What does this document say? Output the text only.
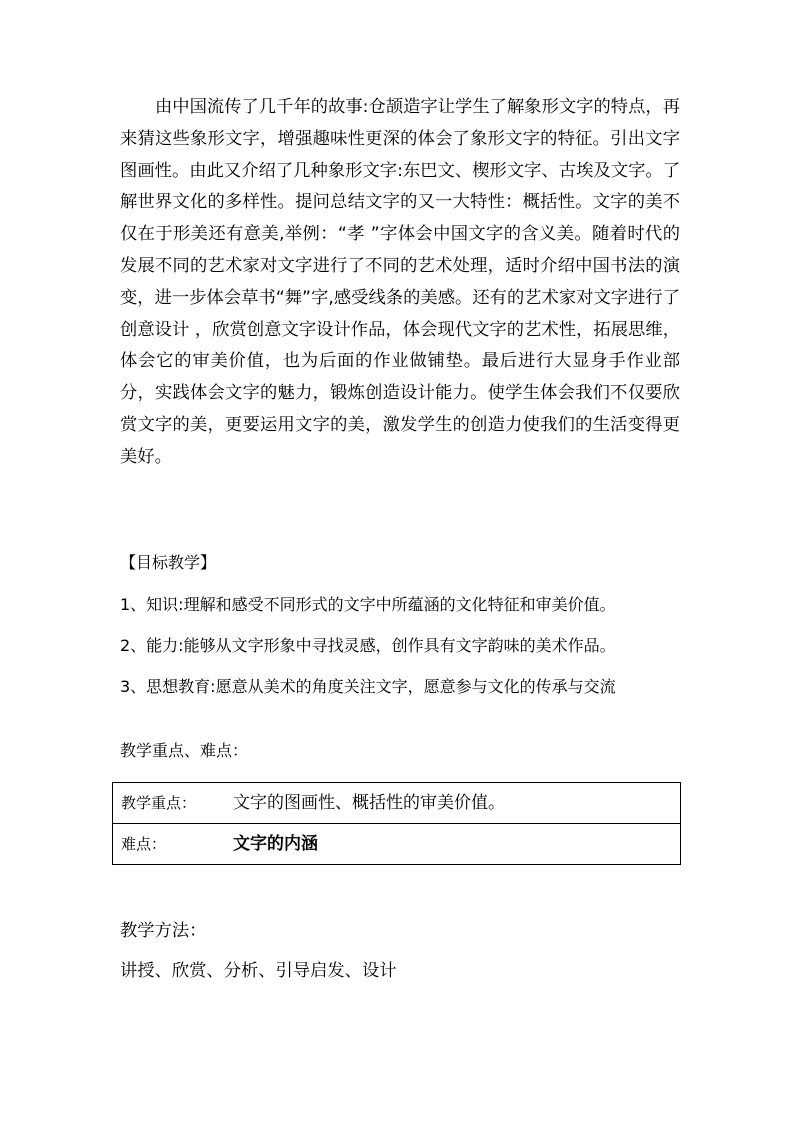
由中国流传了几千年的故事:仓颉造字让学生了解象形文字的特点，再来猜这些象形文字，增强趣味性更深的体会了象形文字的特征。引出文字图画性。由此又介绍了几种象形文字:东巴文、楔形文字、古埃及文字。了解世界文化的多样性。提问总结文字的又一大特性：概括性。文字的美不仅在于形美还有意美,举例：“孝 ”字体会中国文字的含义美。随着时代的发展不同的艺术家对文字进行了不同的艺术处理，适时介绍中国书法的演变，进一步体会草书“舞”字,感受线条的美感。还有的艺术家对文字进行了创意设计 ，欣赏创意文字设计作品，体会现代文字的艺术性，拓展思维，体会它的审美价值，也为后面的作业做铺垫。最后进行大显身手作业部分，实践体会文字的魅力，锻炼创造设计能力。使学生体会我们不仅要欣赏文字的美，更要运用文字的美，激发学生的创造力使我们的生活变得更美好。

【目标教学】

1、知识:理解和感受不同形式的文字中所蕴涵的文化特征和审美价值。

2、能力:能够从文字形象中寻找灵感，创作具有文字韵味的美术作品。

3、思想教育:愿意从美术的角度关注文字，愿意参与文化的传承与交流

教学重点、难点：

教学重点： 文字的图画性、概括性的审美价值。

难点：	文字的内涵

教学方法：

讲授、欣赏、分析、引导启发、设计
